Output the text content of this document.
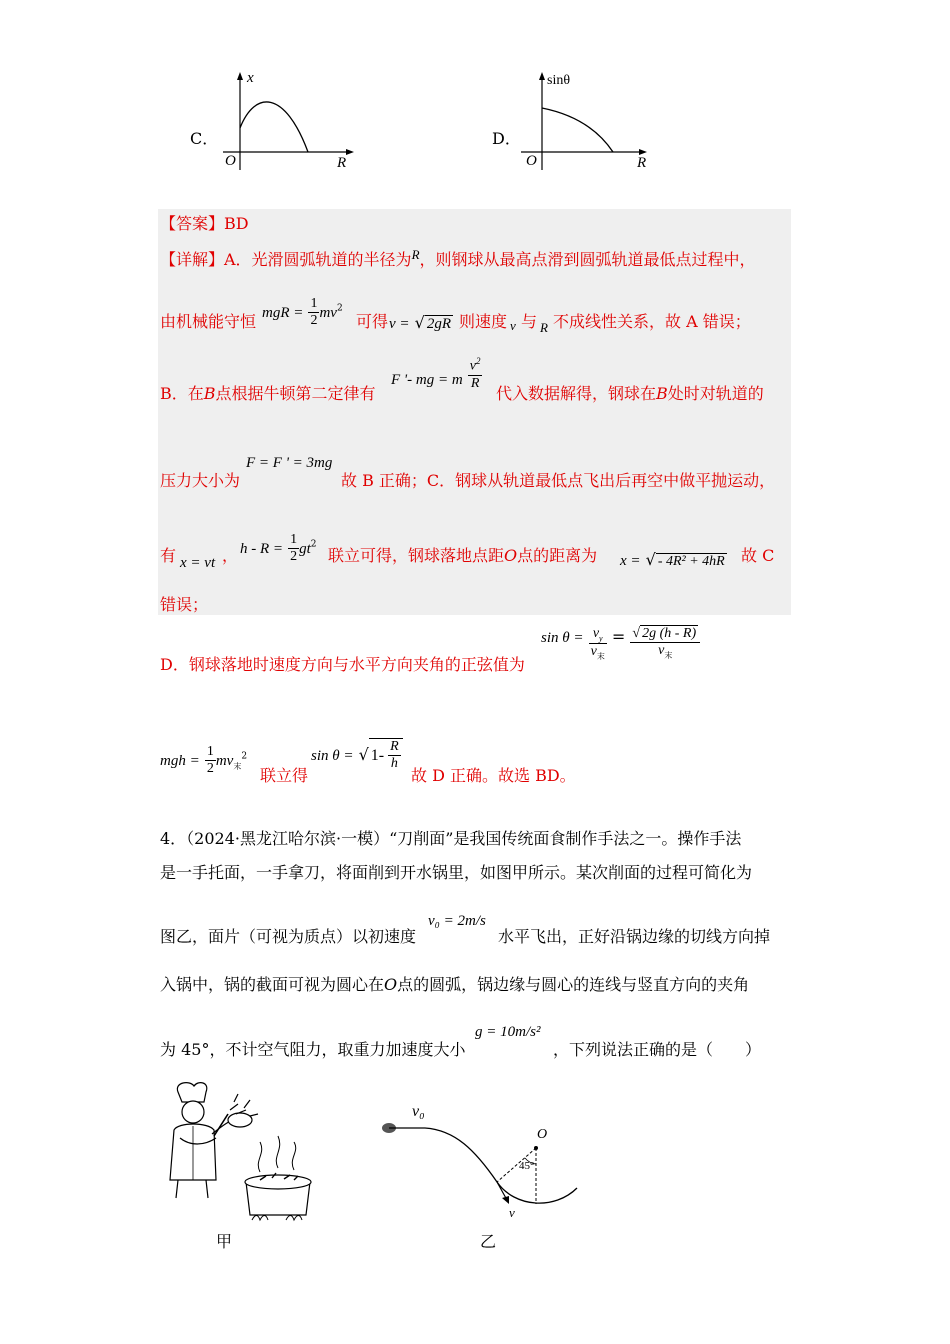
C．
x
O	R
D．
sinθ
O	R
【答案】BD
【详解】A．光滑圆弧轨道的半径为$^R$，则钢球从最高点滑到圆弧轨道最低点过程中，
由机械能守恒 mgR = $\frac{1}{2} mv^2$
可得 v = √ 2gR 则速度 v 与 R 不成线性关系，故 A 错误；
B．在B点根据牛顿第二定律有
F '- mg = m $\frac{v^2}{R}$
代入数据解得，钢球在B处时对轨道的
压力大小为
F = F ' = 3mg
故 B 正确；C．钢球从轨道最低点飞出后再空中做平抛运动，
有 x = vt ， $h - R = \frac{1}{2} gt^2$
联立可得，钢球落地点距O点的距离为 x = √ - 4R² + 4hR 故 C
错误；
D．钢球落地时速度方向与水平方向夹角的正弦值为
$\sin \theta = \frac{v_y}{v_末} = \frac{√ 2g (h - R)}{v_末}$
mgh = $\frac{1}{2} mv_末^2$
联立得
sin θ = √ $1- \frac{R}{h}$
故 D 正确。故选 BD。
4．（2024·黑龙江哈尔滨·一模）“刀削面”是我国传统面食制作手法之一。操作手法
是一手托面，一手拿刀，将面削到开水锅里，如图甲所示。某次削面的过程可简化为
图乙，面片（可视为质点）以初速度
v₀ = 2m/s
水平飞出，正好沿锅边缘的切线方向掉
入锅中，锅的截面可视为圆心在O点的圆弧，锅边缘与圆心的连线与竖直方向的夹角
为 45°，不计空气阻力，取重力加速度大小
g = 10m/s²
，下列说法正确的是（　　）
甲
v₀
O
45°
v
乙
